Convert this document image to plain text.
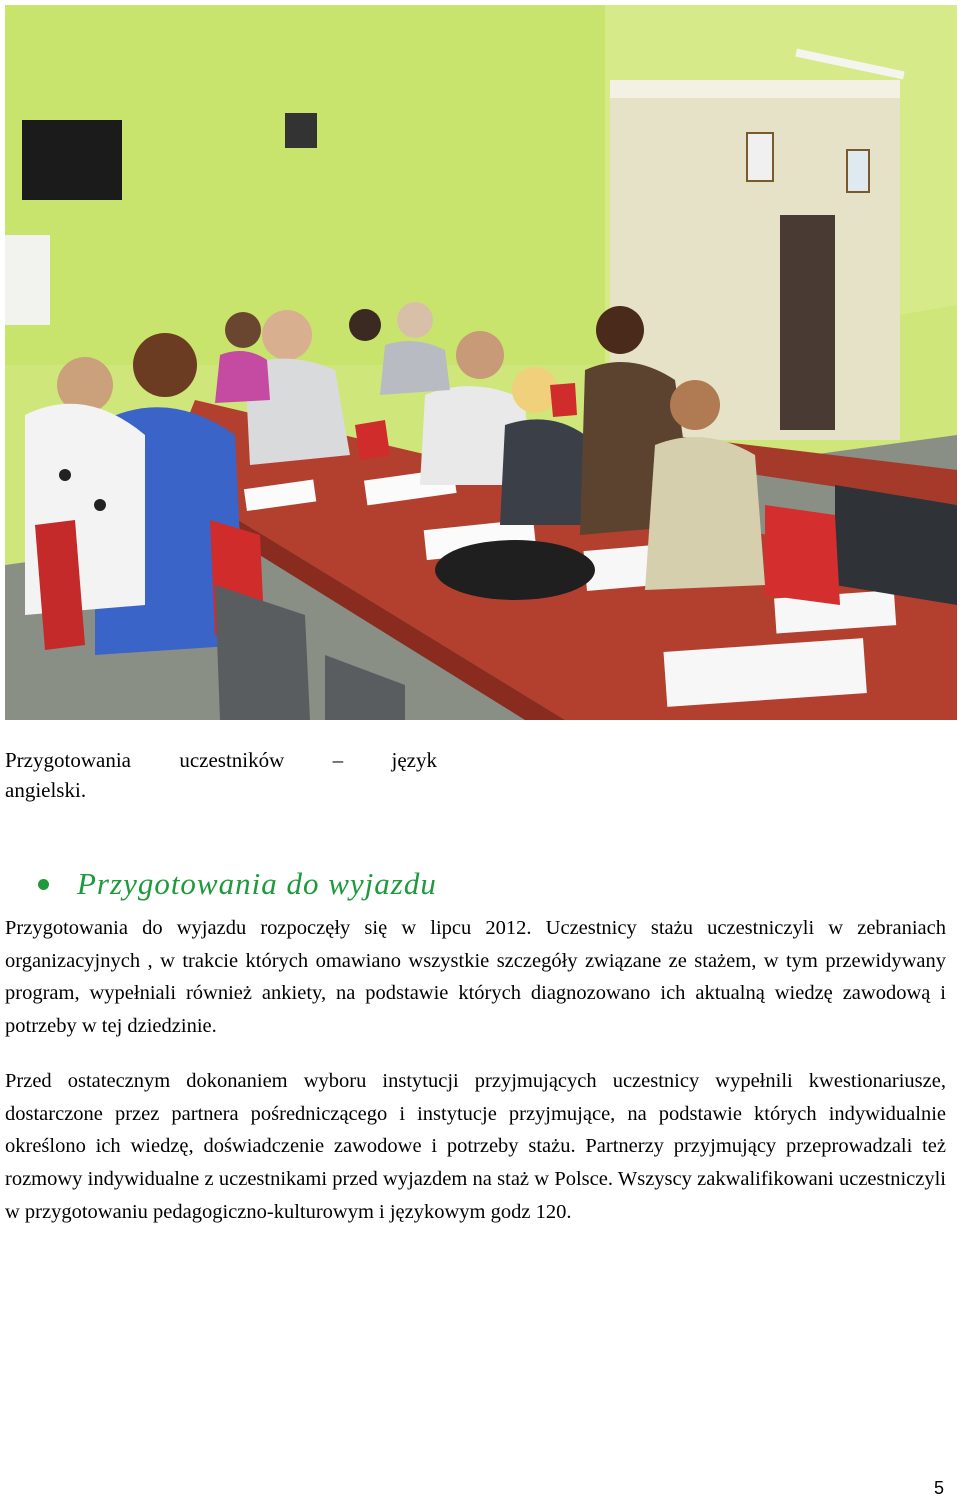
Przygotowania uczestników – język
angielski.
Przygotowania do wyjazdu

Przygotowania do wyjazdu rozpoczęły się w lipcu 2012. Uczestnicy stażu uczestniczyli w zebraniach organizacyjnych , w trakcie których omawiano wszystkie szczegóły związane ze stażem, w tym przewidywany program, wypełniali również ankiety, na podstawie których diagnozowano ich aktualną wiedzę zawodową i potrzeby w tej dziedzinie.

Przed ostatecznym dokonaniem wyboru instytucji przyjmujących uczestnicy wypełnili kwestionariusze, dostarczone przez partnera pośredniczącego i instytucje przyjmujące, na podstawie których indywidualnie określono ich wiedzę, doświadczenie zawodowe i potrzeby stażu. Partnerzy przyjmujący przeprowadzali też rozmowy indywidualne z uczestnikami przed wyjazdem na staż w Polsce. Wszyscy zakwalifikowani uczestniczyli w przygotowaniu pedagogiczno-kulturowym i językowym godz 120.

5
